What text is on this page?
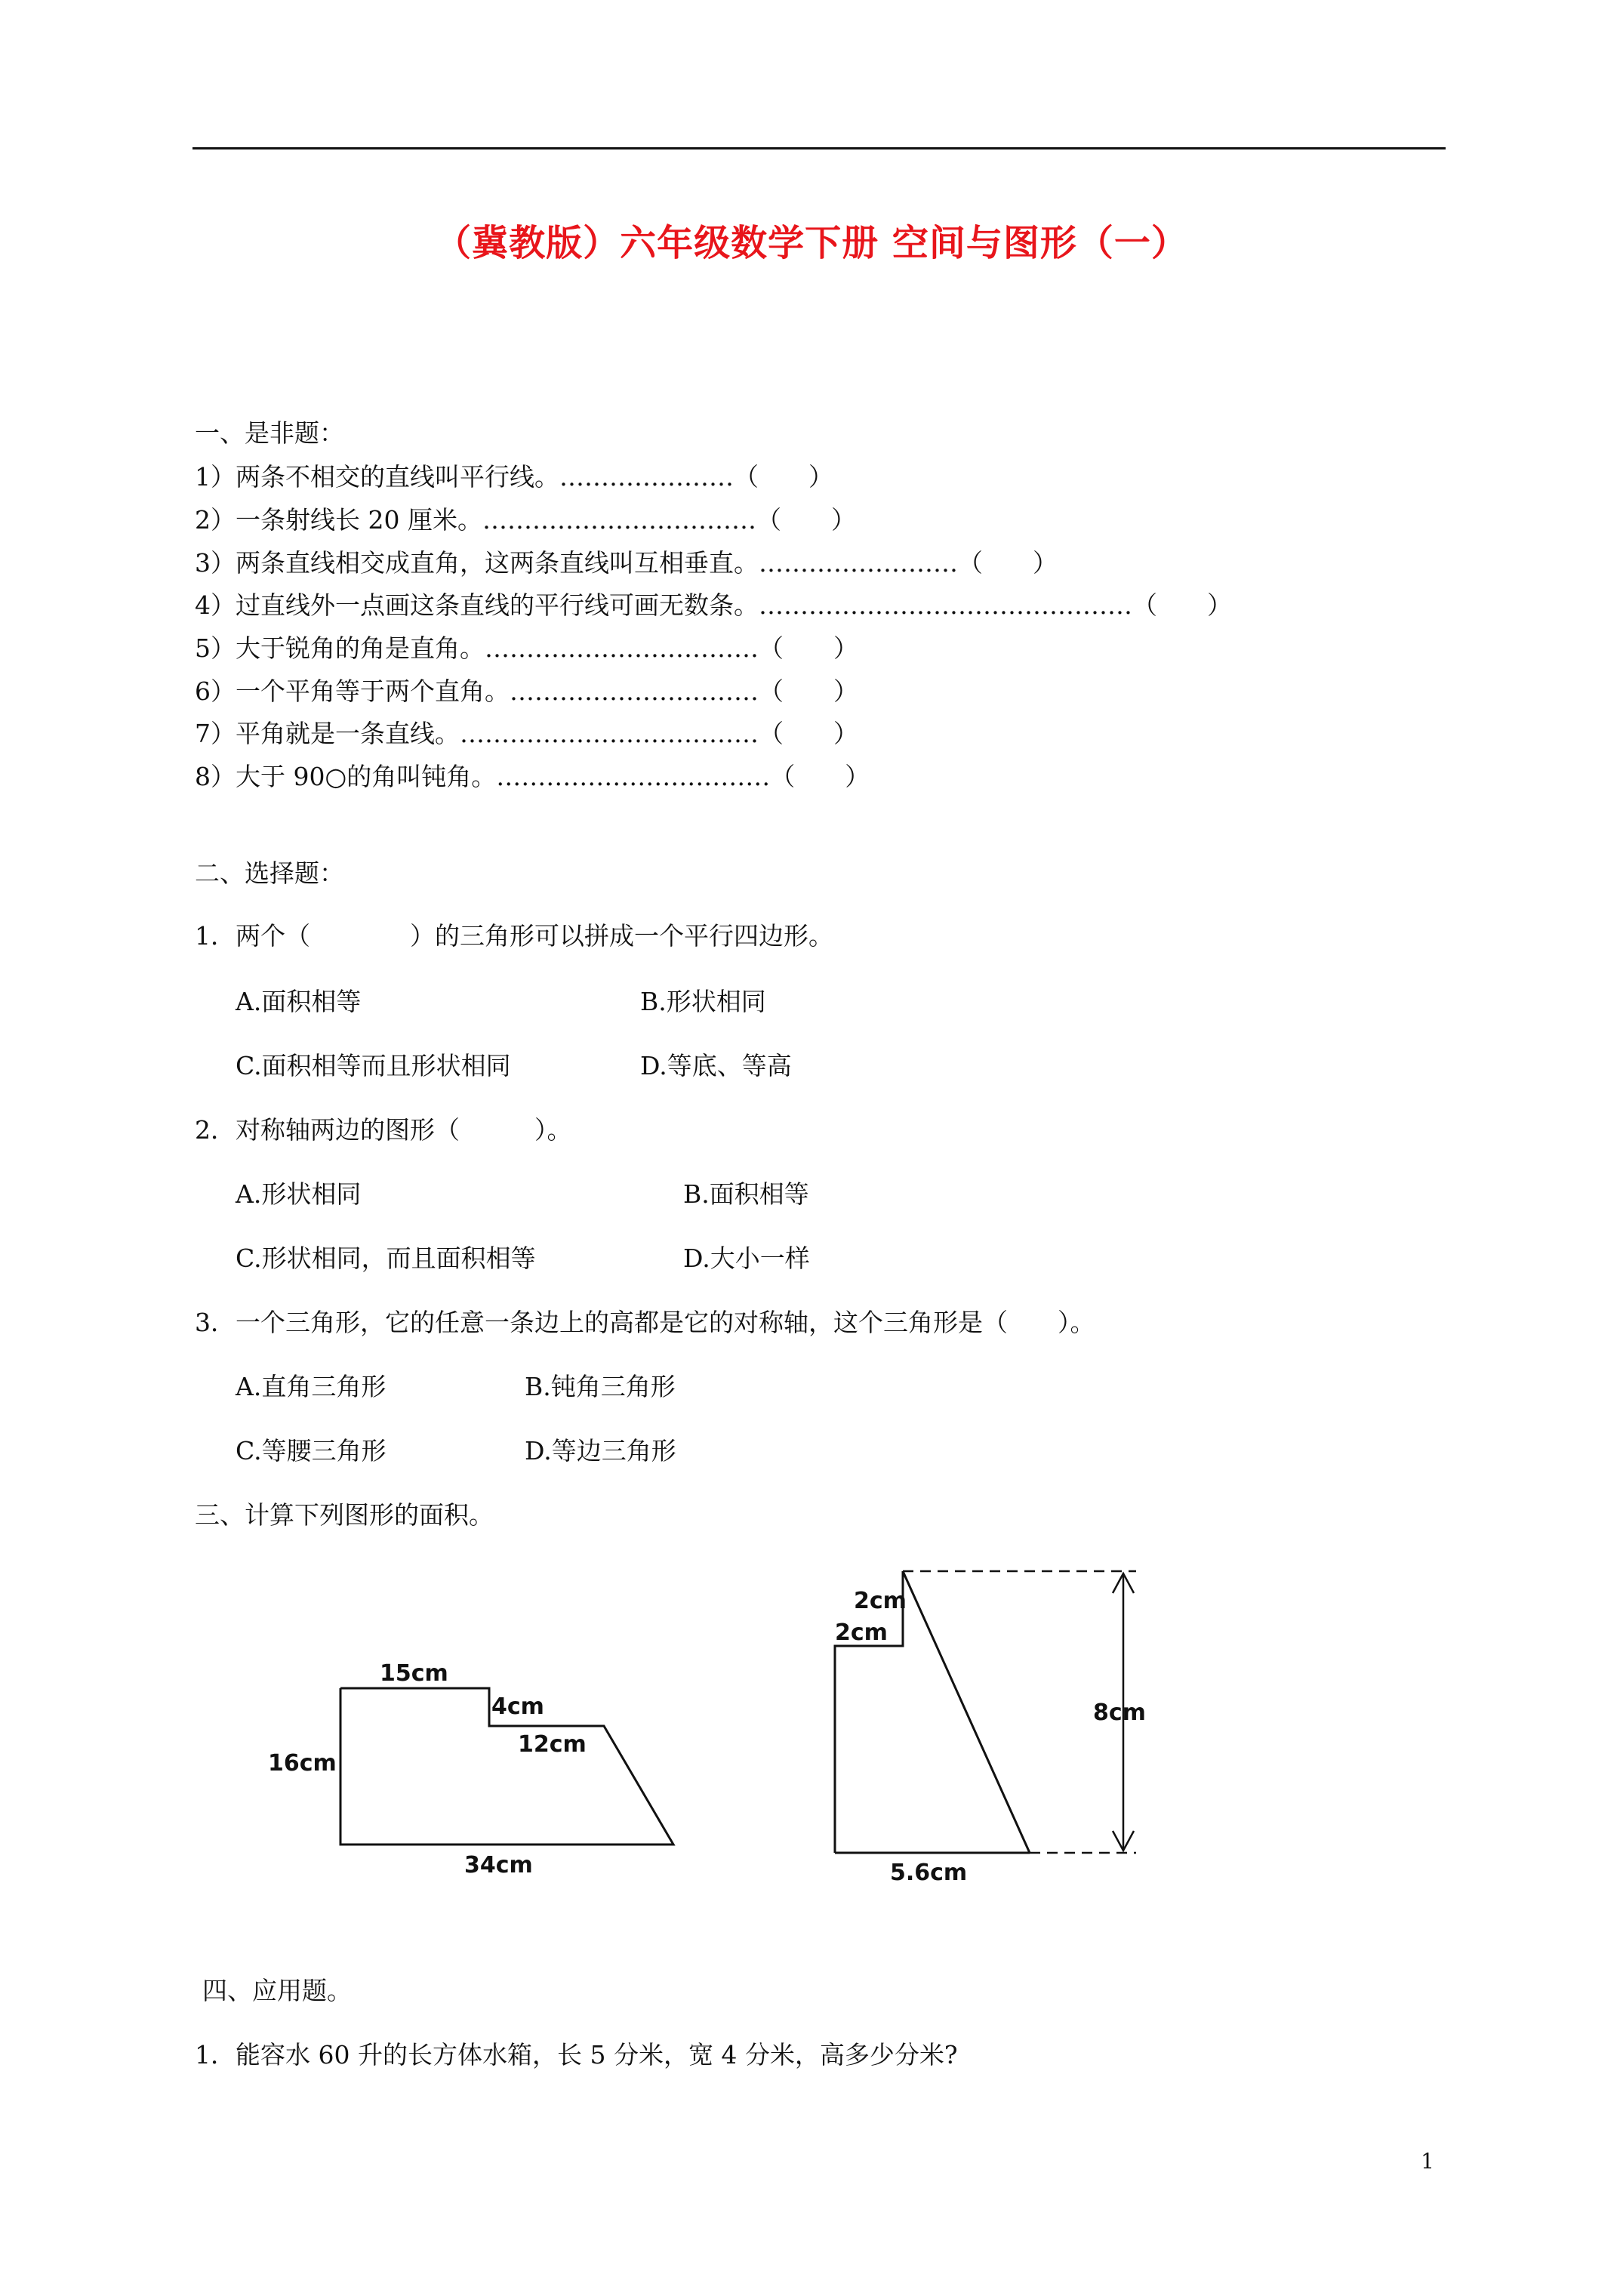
（冀教版）六年级数学下册 空间与图形（一）
一、是非题：
1）两条不相交的直线叫平行线。…………………（　　）
2）一条射线长 20 厘米。……………………………（　　）
3）两条直线相交成直角，这两条直线叫互相垂直。……………………（　　）
4）过直线外一点画这条直线的平行线可画无数条。………………………………………（　　）
5）大于锐角的角是直角。……………………………（　　）
6）一个平角等于两个直角。…………………………（　　）
7）平角就是一条直线。………………………………（　　）
8）大于 90○的角叫钝角。……………………………（　　）
二、选择题：
1．两个（　　　　）的三角形可以拼成一个平行四边形。
A.面积相等	B.形状相同
C.面积相等而且形状相同	D.等底、等高
2．对称轴两边的图形（　　　）。
A.形状相同	B.面积相等
C.形状相同，而且面积相等	D.大小一样
3．一个三角形，它的任意一条边上的高都是它的对称轴，这个三角形是（　　）。
A.直角三角形	B.钝角三角形
C.等腰三角形	D.等边三角形
三、计算下列图形的面积。
15cm
4cm
12cm
16cm
34cm
2cm
2cm
8cm
5.6cm
四、应用题。
1．能容水 60 升的长方体水箱，长 5 分米，宽 4 分米，高多少分米?
1
